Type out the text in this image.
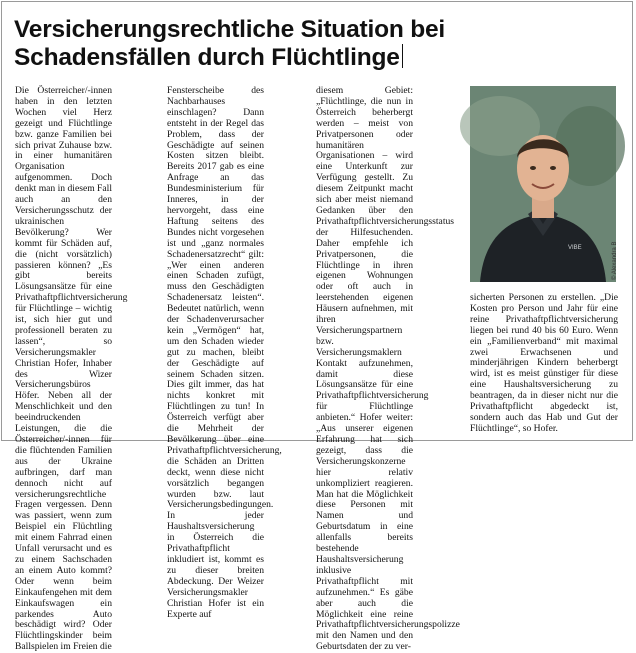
Versicherungsrechtliche Situation bei Schadensfällen durch Flüchtlinge

Die Österreicher/-innen haben in den letzten Wochen viel Herz gezeigt und Flüchtlinge bzw. ganze Familien bei sich privat Zuhause bzw. in einer humanitären Organisation aufgenommen. Doch denkt man in diesem Fall auch an den Versicherungsschutz der ukrainischen Bevölkerung? Wer kommt für Schäden auf, die (nicht vorsätzlich) passieren können? „Es gibt bereits Lösungsansätze für eine Privathaftpflichtversicherung für Flüchtlinge – wichtig ist, sich hier gut und professionell beraten zu lassen“, so Versicherungsmakler Christian Hofer, Inhaber des Wizer Versicherungsbüros Höfer. Neben all der Menschlichkeit und den beeindruckenden Leistungen, die die Österreicher/-innen für die flüchtenden Familien aus der Ukraine aufbringen, darf man dennoch nicht auf versicherungsrechtliche Fragen vergessen. Denn was passiert, wenn zum Beispiel ein Flüchtling mit einem Fahrrad einen Unfall verursacht und es zu einem Sachschaden an einem Auto kommt? Oder wenn beim Einkaufengehen mit dem Einkaufswagen ein parkendes Auto beschädigt wird? Oder Flüchtlingskinder beim Ballspielen im Freien die

Fensterscheibe des Nachbarhauses einschlagen? Dann entsteht in der Regel das Problem, dass der Geschädigte auf seinen Kosten sitzen bleibt. Bereits 2017 gab es eine Anfrage an das Bundesministerium für Inneres, in der hervorgeht, dass eine Haftung seitens des Bundes nicht vorgesehen ist und „ganz normales Schadenersatzrecht“ gilt: „Wer einen anderen einen Schaden zufügt, muss den Geschädigten Schadenersatz leisten“. Bedeutet natürlich, wenn der Schadenverursacher kein „Vermögen“ hat, um den Schaden wieder gut zu machen, bleibt der Geschädigte auf seinem Schaden sitzen. Dies gilt immer, das hat nichts konkret mit Flüchtlingen zu tun! In Österreich verfügt aber die Mehrheit der Bevölkerung über eine Privathaftpflichtversicherung, die Schäden an Dritten deckt, wenn diese nicht vorsätzlich begangen wurden bzw. laut Versicherungsbedingungen. In jeder Haushaltsversicherung in Österreich die Privathaftpflicht inkludiert ist, kommt es zu dieser breiten Abdeckung. Der Weizer Versicherungsmakler Christian Hofer ist ein Experte auf

diesem Gebiet: „Flüchtlinge, die nun in Österreich beherbergt werden – meist von Privatpersonen oder humanitären Organisationen – wird eine Unterkunft zur Verfügung gestellt. Zu diesem Zeitpunkt macht sich aber meist niemand Gedanken über den Privathaftpflichtversicherungsstatus der Hilfesuchenden. Daher empfehle ich Privatpersonen, die Flüchtlinge in ihren eigenen Wohnungen oder oft auch in leerstehenden eigenen Häusern aufnehmen, mit ihren Versicherungspartnern bzw. Versicherungsmaklern Kontakt aufzunehmen, damit diese Lösungsansätze für eine Privathaftpflichtversicherung für Flüchtlinge anbieten.“ Hofer weiter: „Aus unserer eigenen Erfahrung hat sich gezeigt, dass die Versicherungskonzerne hier relativ unkompliziert reagieren. Man hat die Möglichkeit diese Personen mit Namen und Geburtsdatum in eine allenfalls bereits bestehende Haushaltsversicherung inklusive Privathaftpflicht mit aufzunehmen.“ Es gäbe aber auch die Möglichkeit eine reine Privathaftpflichtversicherungspolizze mit den Namen und den Geburtsdaten der zu ver-

VIBE	© Alexandra B

sicherten Personen zu erstellen. „Die Kosten pro Person und Jahr für eine reine Privathaftpflichtversicherung liegen bei rund 40 bis 60 Euro. Wenn ein „Familienverband“ mit maximal zwei Erwachsenen und minderjährigen Kindern beherbergt wird, ist es meist günstiger für diese eine Haushaltsversicherung zu beantragen, da in dieser nicht nur die Privathaftpflicht abgedeckt ist, sondern auch das Hab und Gut der Flüchtlinge“, so Hofer.
